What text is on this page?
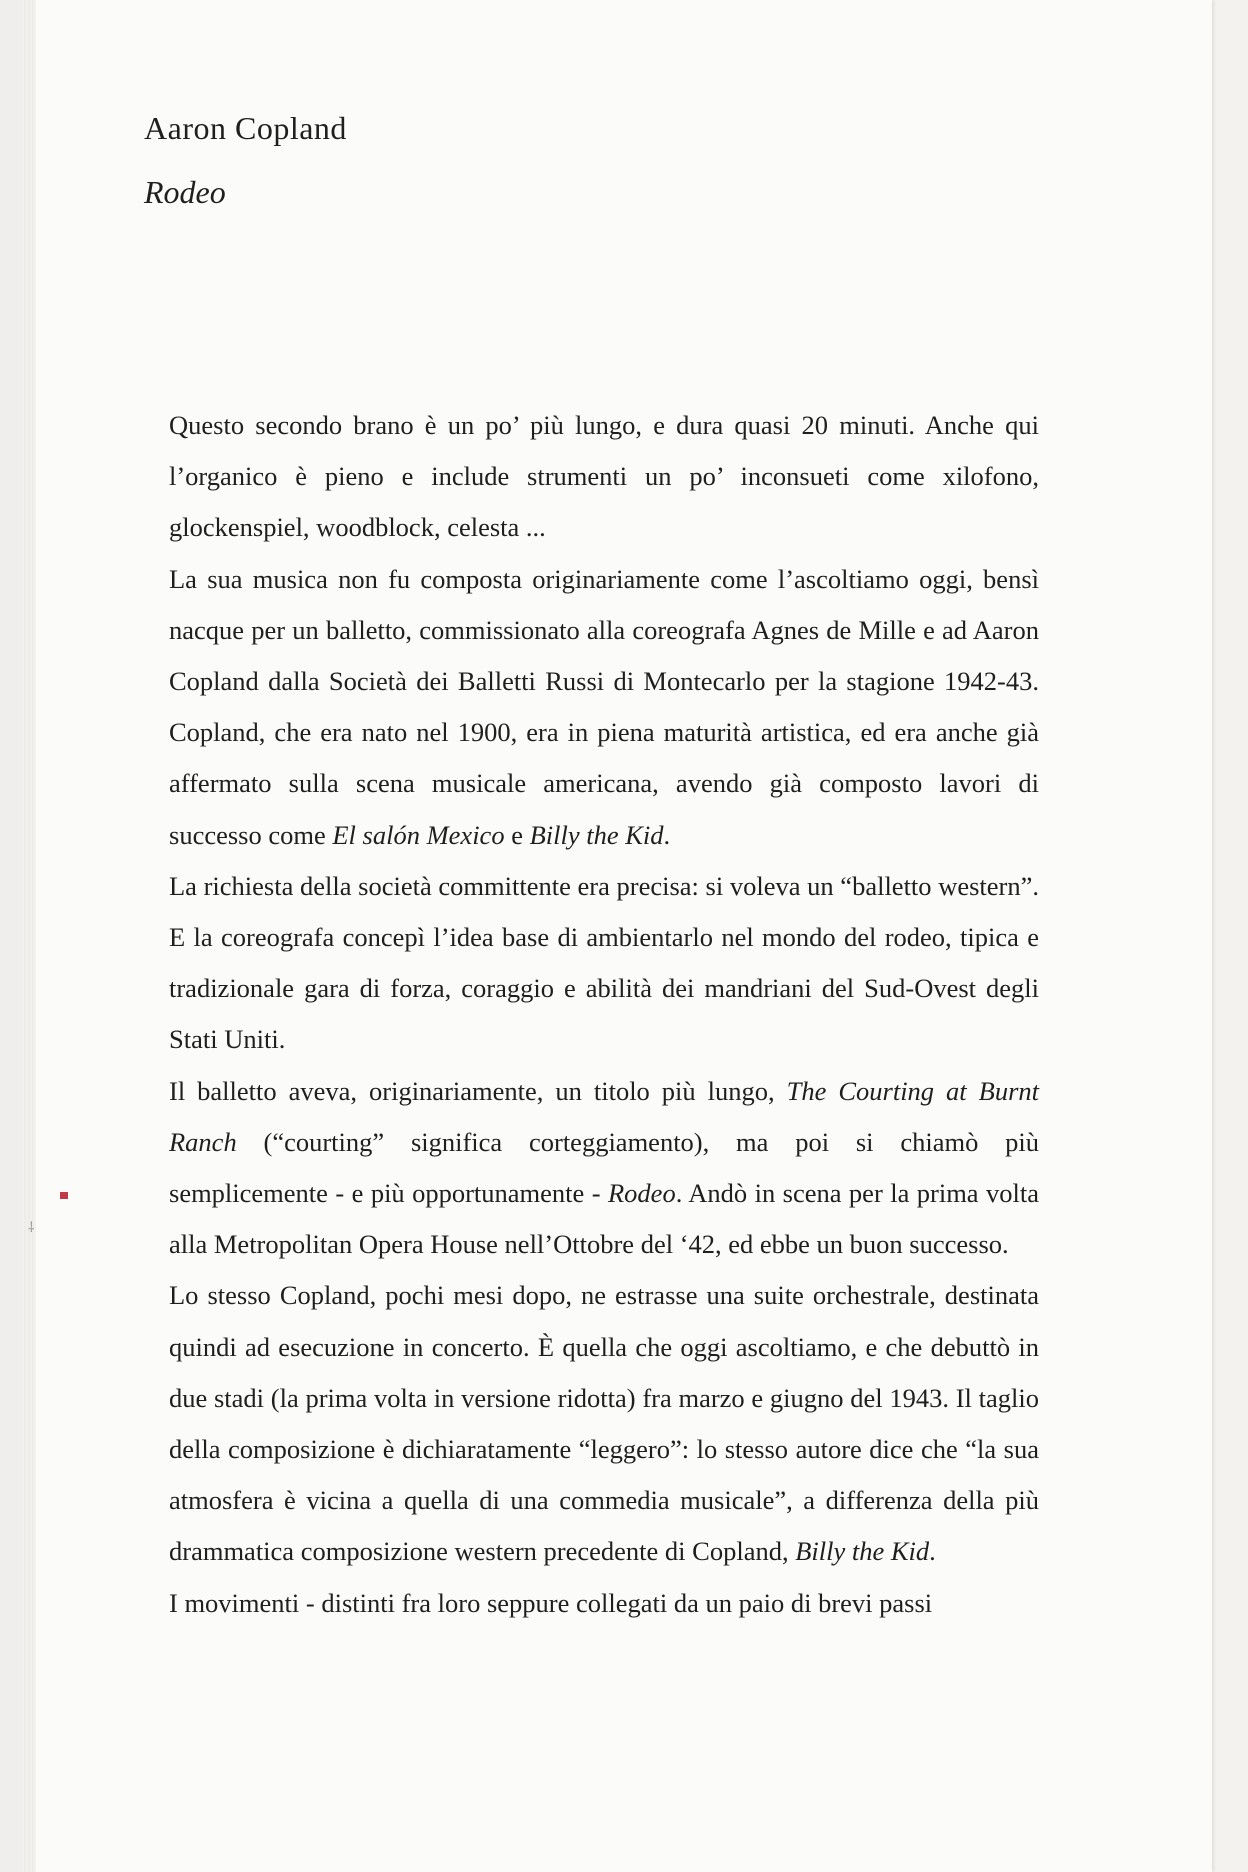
⸸
Aaron Copland
Rodeo

Questo secondo brano è un po’ più lungo, e dura quasi 20 minuti. Anche qui l’organico è pieno e include strumenti un po’ inconsueti come xilofono, glockenspiel, woodblock, celesta ...

La sua musica non fu composta originariamente come l’ascoltiamo oggi, bensì nacque per un balletto, commissionato alla coreografa Agnes de Mille e ad Aaron Copland dalla Società dei Balletti Russi di Montecarlo per la stagione 1942-43. Copland, che era nato nel 1900, era in piena maturità artistica, ed era anche già affermato sulla scena musicale americana, avendo già composto lavori di successo come El salón Mexico e Billy the Kid.

La richiesta della società committente era precisa: si voleva un “balletto western”. E la coreografa concepì l’idea base di ambientarlo nel mondo del rodeo, tipica e tradizionale gara di forza, coraggio e abilità dei mandriani del Sud-Ovest degli Stati Uniti.

Il balletto aveva, originariamente, un titolo più lungo, The Courting at Burnt Ranch (“courting” significa corteggiamento), ma poi si chiamò più semplicemente - e più opportunamente - Rodeo. Andò in scena per la prima volta alla Metropolitan Opera House nell’Ottobre del ‘42, ed ebbe un buon successo.

Lo stesso Copland, pochi mesi dopo, ne estrasse una suite orchestrale, destinata quindi ad esecuzione in concerto. È quella che oggi ascoltiamo, e che debuttò in due stadi (la prima volta in versione ridotta) fra marzo e giugno del 1943. Il taglio della composizione è dichiaratamente “leggero”: lo stesso autore dice che “la sua atmosfera è vicina a quella di una commedia musicale”, a differenza della più drammatica composizione western precedente di Copland, Billy the Kid.

I movimenti - distinti fra loro seppure collegati da un paio di brevi passi
